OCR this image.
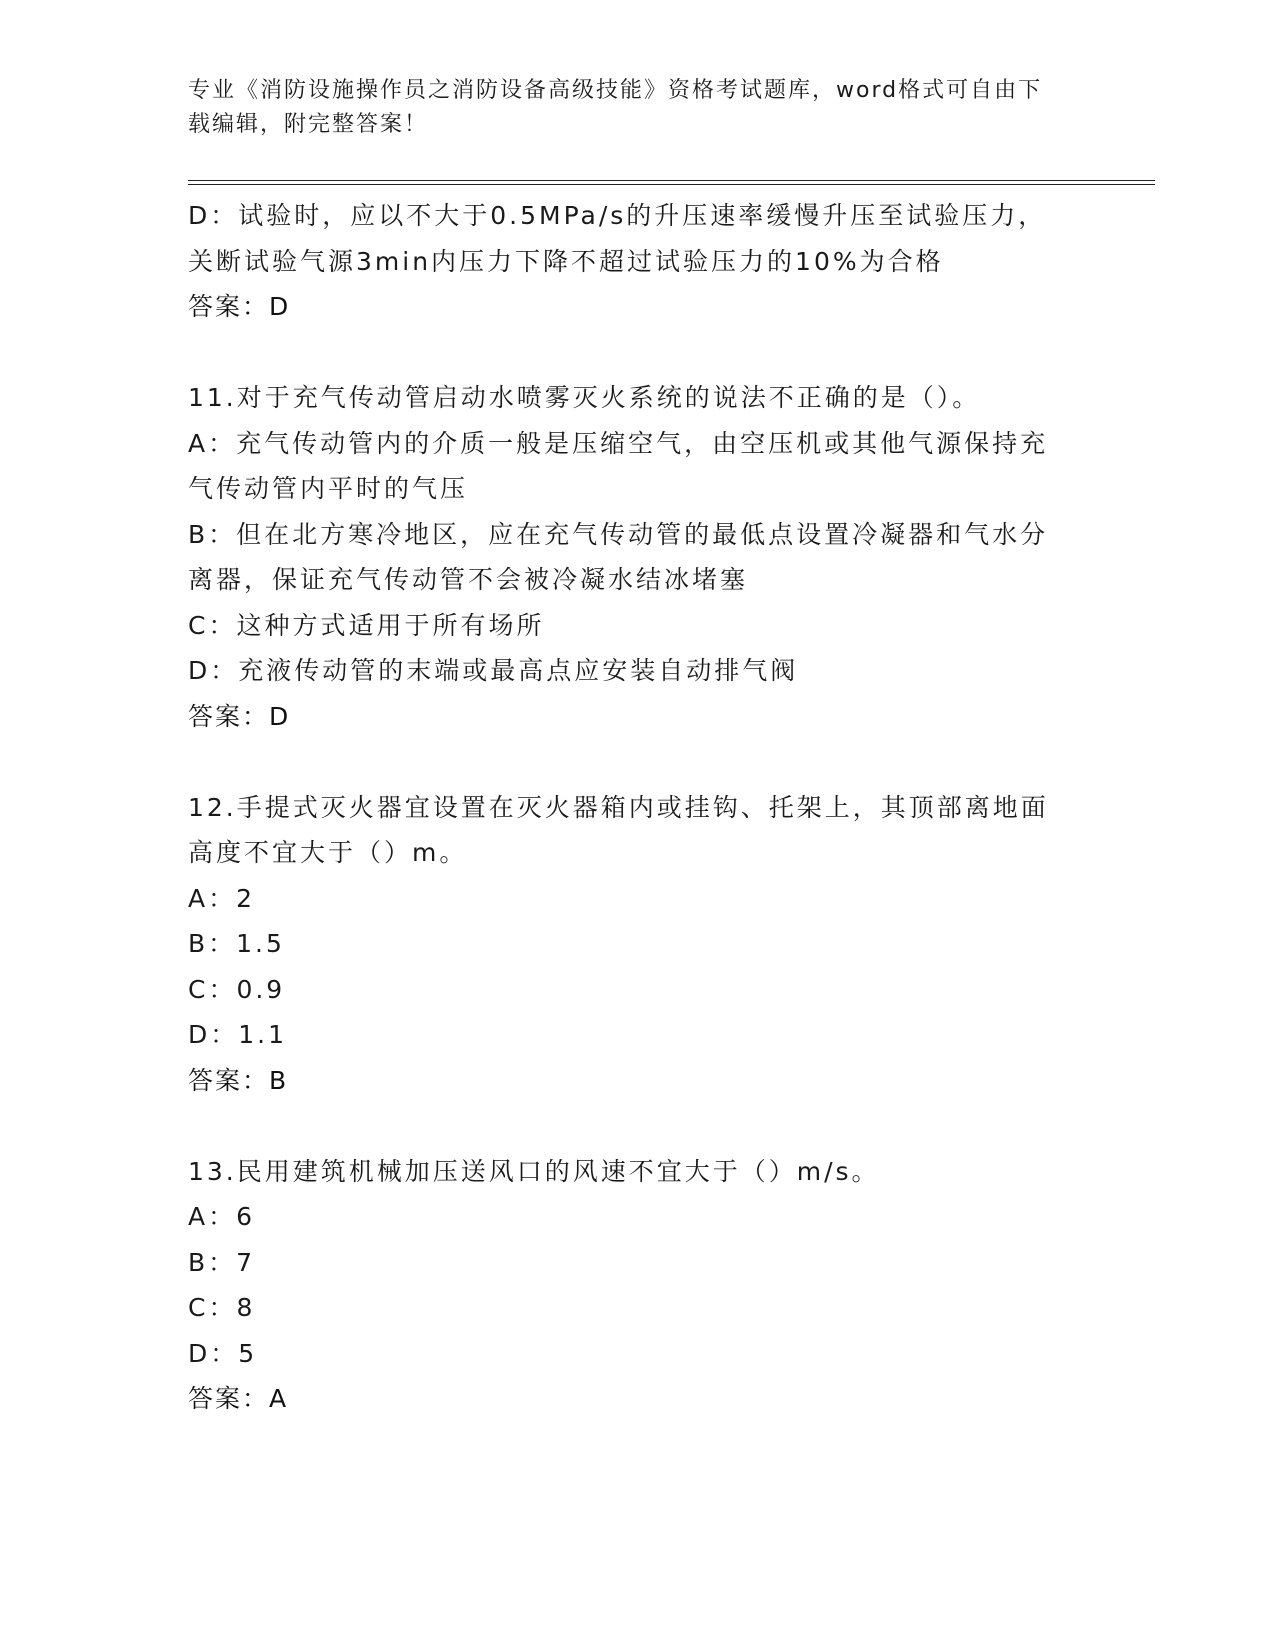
专业《消防设施操作员之消防设备高级技能》资格考试题库，word格式可自由下
载编辑，附完整答案！

D：试验时，应以不大于0.5MPa/s的升压速率缓慢升压至试验压力，

关断试验气源3min内压力下降不超过试验压力的10%为合格

答案：D

11.对于充气传动管启动水喷雾灭火系统的说法不正确的是（）。

A：充气传动管内的介质一般是压缩空气，由空压机或其他气源保持充

气传动管内平时的气压

B：但在北方寒冷地区，应在充气传动管的最低点设置冷凝器和气水分

离器，保证充气传动管不会被冷凝水结冰堵塞

C：这种方式适用于所有场所

D：充液传动管的末端或最高点应安装自动排气阀

答案：D

12.手提式灭火器宜设置在灭火器箱内或挂钩、托架上，其顶部离地面

高度不宜大于（）m。

A：2

B：1.5

C：0.9

D：1.1

答案：B

13.民用建筑机械加压送风口的风速不宜大于（）m/s。

A：6

B：7

C：8

D：5

答案：A
